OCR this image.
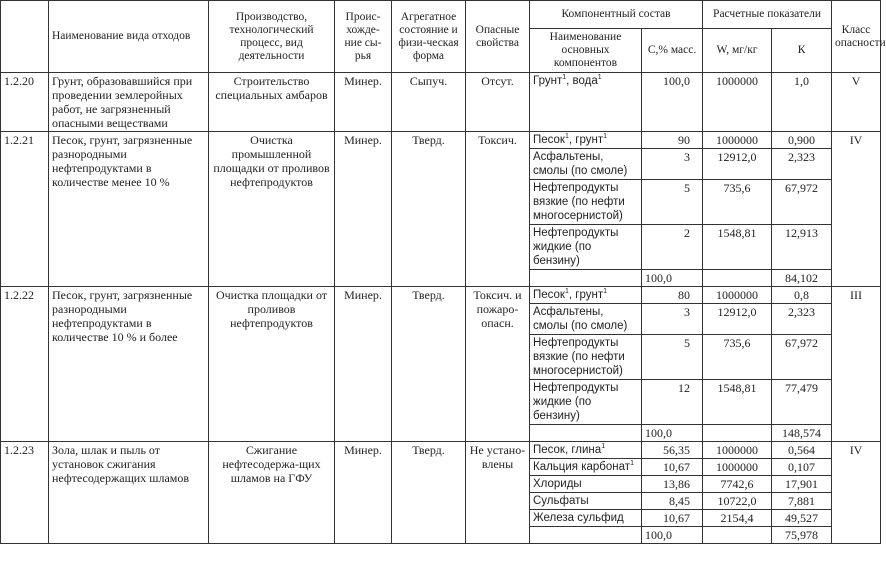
	Наименование вида отходов	Производство, технологический процесс, вид деятельности	Проис-хожде-ние сы-рья	Агрегатное состояние и физи-ческая форма	Опасные свойства	Компонентный состав		Расчетные показатели		Класс опасности
						Наименование основных компонентов	С,% масс.	W, мг/кг	К	
1.2.20	Грунт, образовавшийся при проведении землеройных работ, не загрязненный опасными веществами	Строительство специальных амбаров	Минер.	Сыпуч.	Отсут.	Грунт$^1$, вода$^1$	100,0	1000000	1,0	V
1.2.21	Песок, грунт, загрязненные разнородными нефтепродуктами в количестве менее 10 %	Очистка промышленной площадки от проливов нефтепродуктов	Минер.	Тверд.	Токсич.	Песок$^1$, грунт$^1$	90	1000000	0,900	IV
						Асфальтены, смолы (по смоле)	3	12912,0	2,323	
						Нефтепродукты вязкие (по нефти многосернистой)	5	735,6	67,972	
						Нефтепродукты жидкие (по бензину)	2	1548,81	12,913	
							100,0		84,102	
1.2.22	Песок, грунт, загрязненные разнородными нефтепродуктами в количестве 10 % и более	Очистка площадки от проливов нефтепродуктов	Минер.	Тверд.	Токсич. и пожаро-опасн.	Песок$^1$, грунт$^1$	80	1000000	0,8	III
						Асфальтены, смолы (по смоле)	3	12912,0	2,323	
						Нефтепродукты вязкие (по нефти многосернистой)	5	735,6	67,972	
						Нефтепродукты жидкие (по бензину)	12	1548,81	77,479	
							100,0		148,574	
1.2.23	Зола, шлак и пыль от установок сжигания нефтесодержащих шламов	Сжигание нефтесодержа-щих шламов на ГФУ	Минер.	Тверд.	Не устано-влены	Песок, глина$^1$	56,35	1000000	0,564	IV
						Кальция карбонат$^1$	10,67	1000000	0,107	
						Хлориды	13,86	7742,6	17,901	
						Сульфаты	8,45	10722,0	7,881	
						Железа сульфид	10,67	2154,4	49,527	
							100,0		75,978	
